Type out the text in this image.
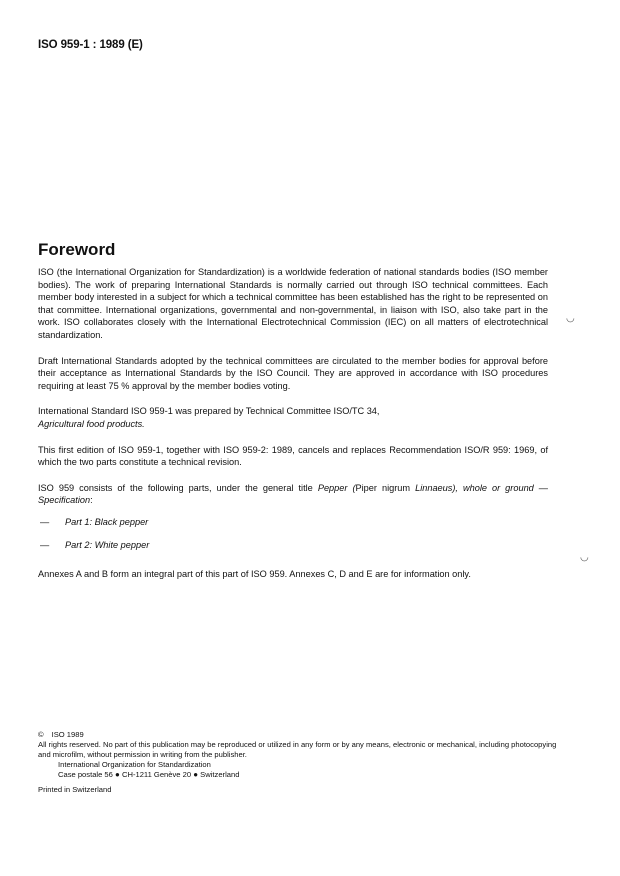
ISO 959-1 : 1989 (E)
Foreword

ISO (the International Organization for Standardization) is a worldwide federation of national standards bodies (ISO member bodies). The work of preparing International Standards is normally carried out through ISO technical committees. Each member body interested in a subject for which a technical committee has been established has the right to be represented on that committee. International organizations, governmental and non-governmental, in liaison with ISO, also take part in the work. ISO collaborates closely with the International Electrotechnical Commission (IEC) on all matters of electrotechnical standardization.

Draft International Standards adopted by the technical committees are circulated to the member bodies for approval before their acceptance as International Standards by the ISO Council. They are approved in accordance with ISO procedures requiring at least 75 % approval by the member bodies voting.

International Standard ISO 959-1 was prepared by Technical Committee ISO/TC 34,
Agricultural food products.

This first edition of ISO 959-1, together with ISO 959-2: 1989, cancels and replaces Recommendation ISO/R 959: 1969, of which the two parts constitute a technical revision.

ISO 959 consists of the following parts, under the general title Pepper (Piper nigrum Linnaeus), whole or ground — Specification:

—	Part 1: Black pepper
—	Part 2: White pepper

Annexes A and B form an integral part of this part of ISO 959. Annexes C, D and E are for information only.

◡
◡

© ISO 1989

All rights reserved. No part of this publication may be reproduced or utilized in any form or by any means, electronic or mechanical, including photocopying and microfilm, without permission in writing from the publisher.

International Organization for Standardization

Case postale 56 ● CH-1211 Genève 20 ● Switzerland

Printed in Switzerland
